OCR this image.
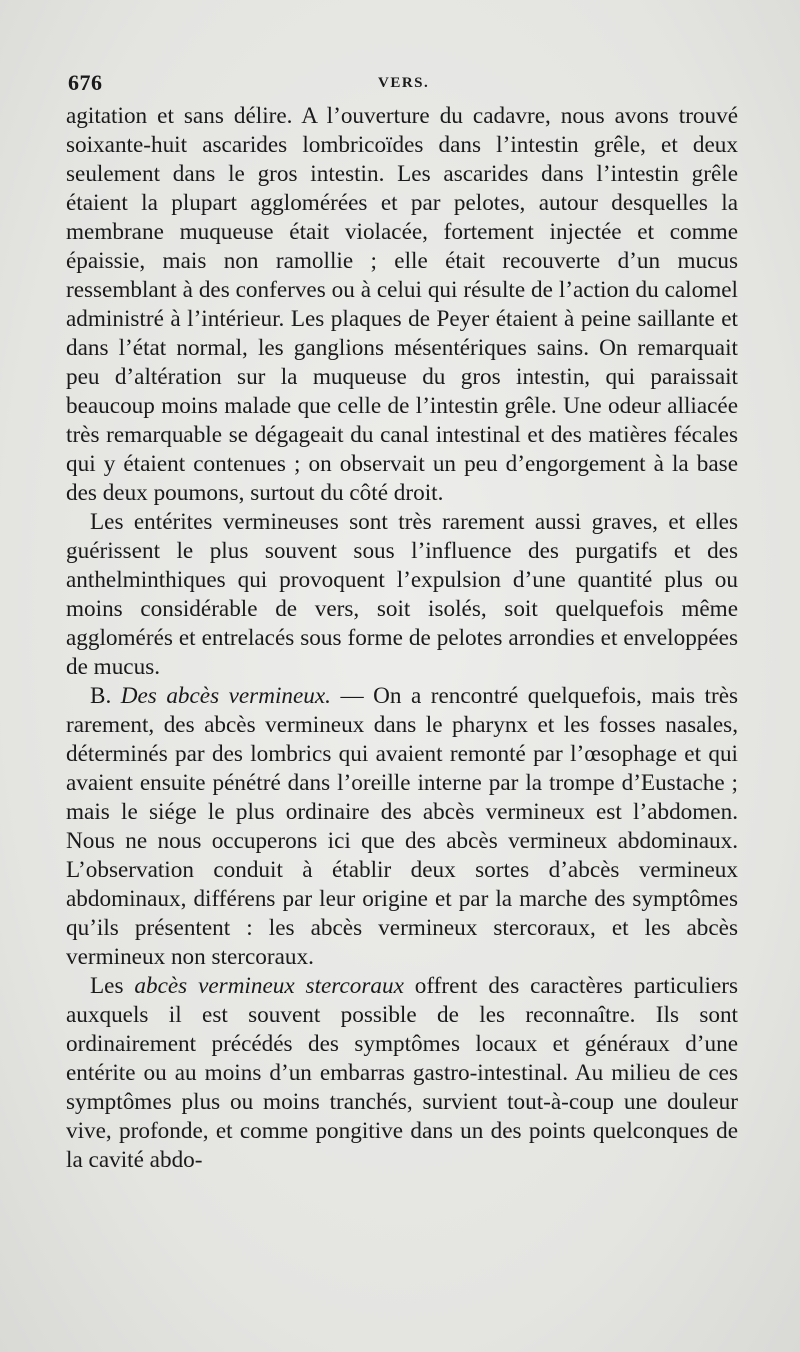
676	VERS.

agitation et sans délire. A l’ouverture du cadavre, nous avons trouvé soixante-huit ascarides lombricoïdes dans l’intestin grêle, et deux seulement dans le gros intestin. Les ascarides dans l’intestin grêle étaient la plupart agglomérées et par pelotes, autour desquelles la membrane muqueuse était violacée, fortement injectée et comme épaissie, mais non ramollie ; elle était recouverte d’un mucus ressemblant à des conferves ou à celui qui résulte de l’action du calomel administré à l’intérieur. Les plaques de Peyer étaient à peine saillante et dans l’état normal, les ganglions mésentériques sains. On remarquait peu d’altération sur la muqueuse du gros intestin, qui paraissait beaucoup moins malade que celle de l’intestin grêle. Une odeur alliacée très remarquable se dégageait du canal intestinal et des matières fécales qui y étaient contenues ; on observait un peu d’engorgement à la base des deux poumons, surtout du côté droit.

Les entérites vermineuses sont très rarement aussi graves, et elles guérissent le plus souvent sous l’influence des purgatifs et des anthelminthiques qui provoquent l’expulsion d’une quantité plus ou moins considérable de vers, soit isolés, soit quelquefois même agglomérés et entrelacés sous forme de pelotes arrondies et enveloppées de mucus.

B. Des abcès vermineux. — On a rencontré quelquefois, mais très rarement, des abcès vermineux dans le pharynx et les fosses nasales, déterminés par des lombrics qui avaient remonté par l’œsophage et qui avaient ensuite pénétré dans l’oreille interne par la trompe d’Eustache ; mais le siége le plus ordinaire des abcès vermineux est l’abdomen. Nous ne nous occuperons ici que des abcès vermineux abdominaux. L’observation conduit à établir deux sortes d’abcès vermineux abdominaux, différens par leur origine et par la marche des symptômes qu’ils présentent : les abcès vermineux stercoraux, et les abcès vermineux non stercoraux.

Les abcès vermineux stercoraux offrent des caractères particuliers auxquels il est souvent possible de les reconnaître. Ils sont ordinairement précédés des symptômes locaux et généraux d’une entérite ou au moins d’un embarras gastro-intestinal. Au milieu de ces symptômes plus ou moins tranchés, survient tout-à-coup une douleur vive, profonde, et comme pongitive dans un des points quelconques de la cavité abdo-
